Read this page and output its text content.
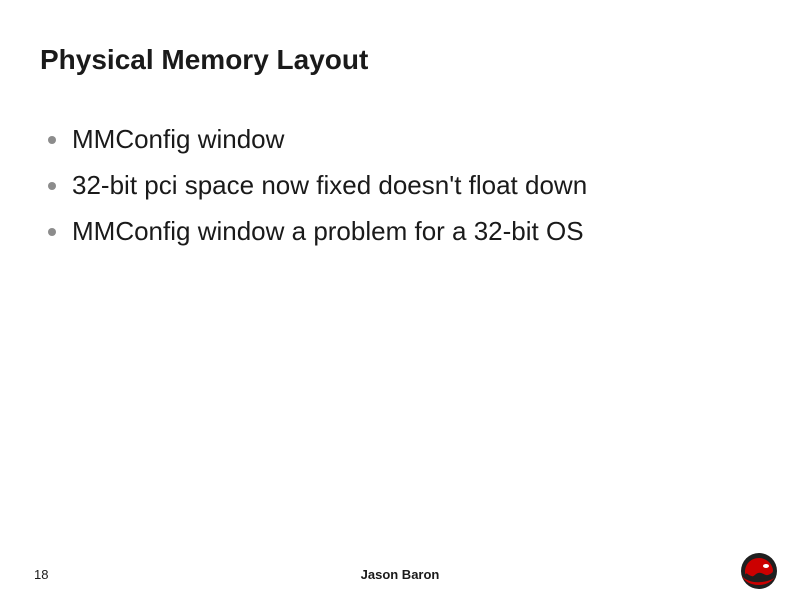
Physical Memory Layout
MMConfig window
32-bit pci space now fixed doesn't float down
MMConfig window a problem for a 32-bit OS
18	Jason Baron
